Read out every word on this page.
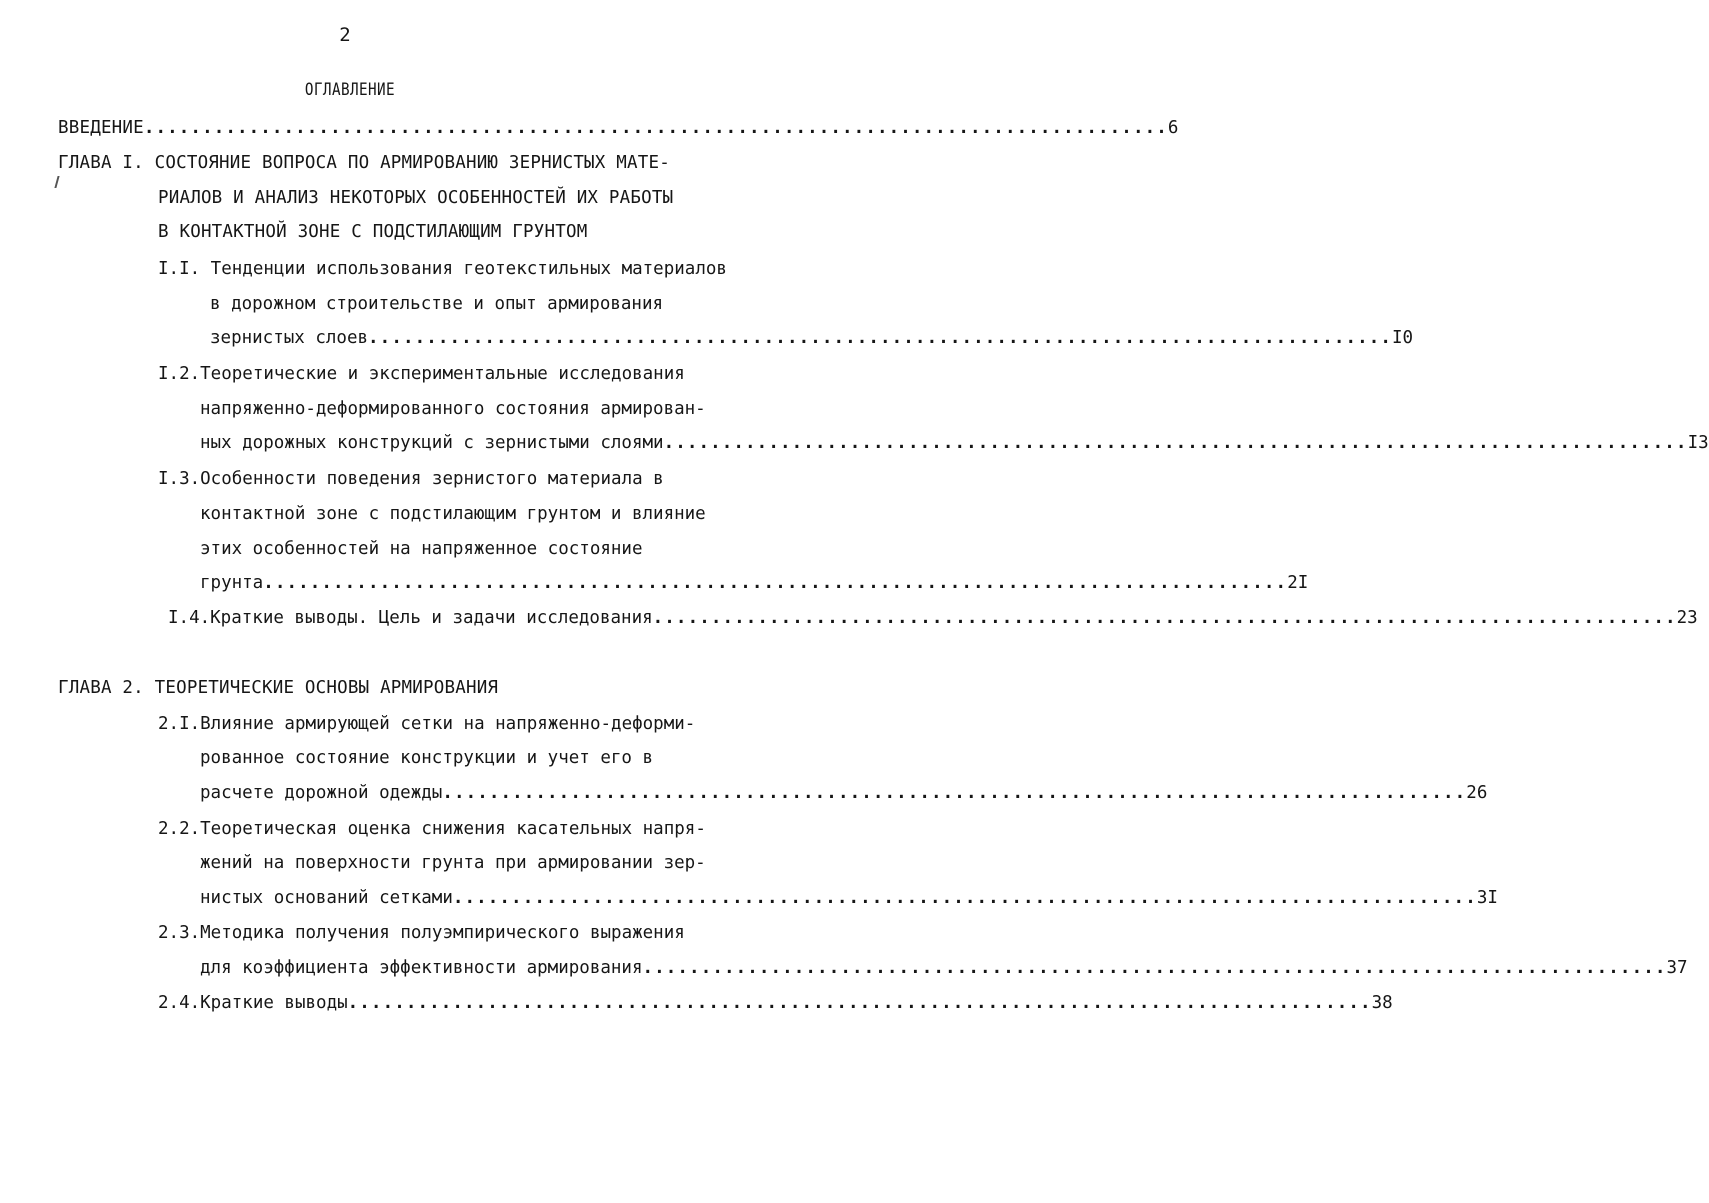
2
ОГЛАВЛЕНИЕ
ВВЕДЕНИЕ ........................................................................................ 6
ГЛАВА I. СОСТОЯНИЕ ВОПРОСА ПО АРМИРОВАНИЮ ЗЕРНИСТЫХ МАТЕ-
РИАЛОВ И АНАЛИЗ НЕКОТОРЫХ ОСОБЕННОСТЕЙ ИХ РАБОТЫ
В КОНТАКТНОЙ ЗОНЕ С ПОДСТИЛАЮЩИМ ГРУНТОМ
I.I. Тенденции использования геотекстильных материалов
в дорожном строительстве и опыт армирования
зернистых слоев ........................................................................................ I0
I.2.Теоретические и экспериментальные исследования
напряженно-деформированного состояния армирован-
ных дорожных конструкций с зернистыми слоями ........................................................................................ I3
I.3.Особенности поведения зернистого материала в
контактной зоне с подстилающим грунтом и влияние
этих особенностей на напряженное состояние
грунта ........................................................................................ 2I
I.4.Краткие выводы. Цель и задачи исследования ........................................................................................ 23
ГЛАВА 2. ТЕОРЕТИЧЕСКИЕ ОСНОВЫ АРМИРОВАНИЯ
2.I.Влияние армирующей сетки на напряженно-деформи-
рованное состояние конструкции и учет его в
расчете дорожной одежды ........................................................................................ 26
2.2.Теоретическая оценка снижения касательных напря-
жений на поверхности грунта при армировании зер-
нистых оснований сетками ........................................................................................ 3I
2.3.Методика получения полуэмпирического выражения
для коэффициента эффективности армирования ........................................................................................ 37
2.4.Краткие выводы ........................................................................................ 38
